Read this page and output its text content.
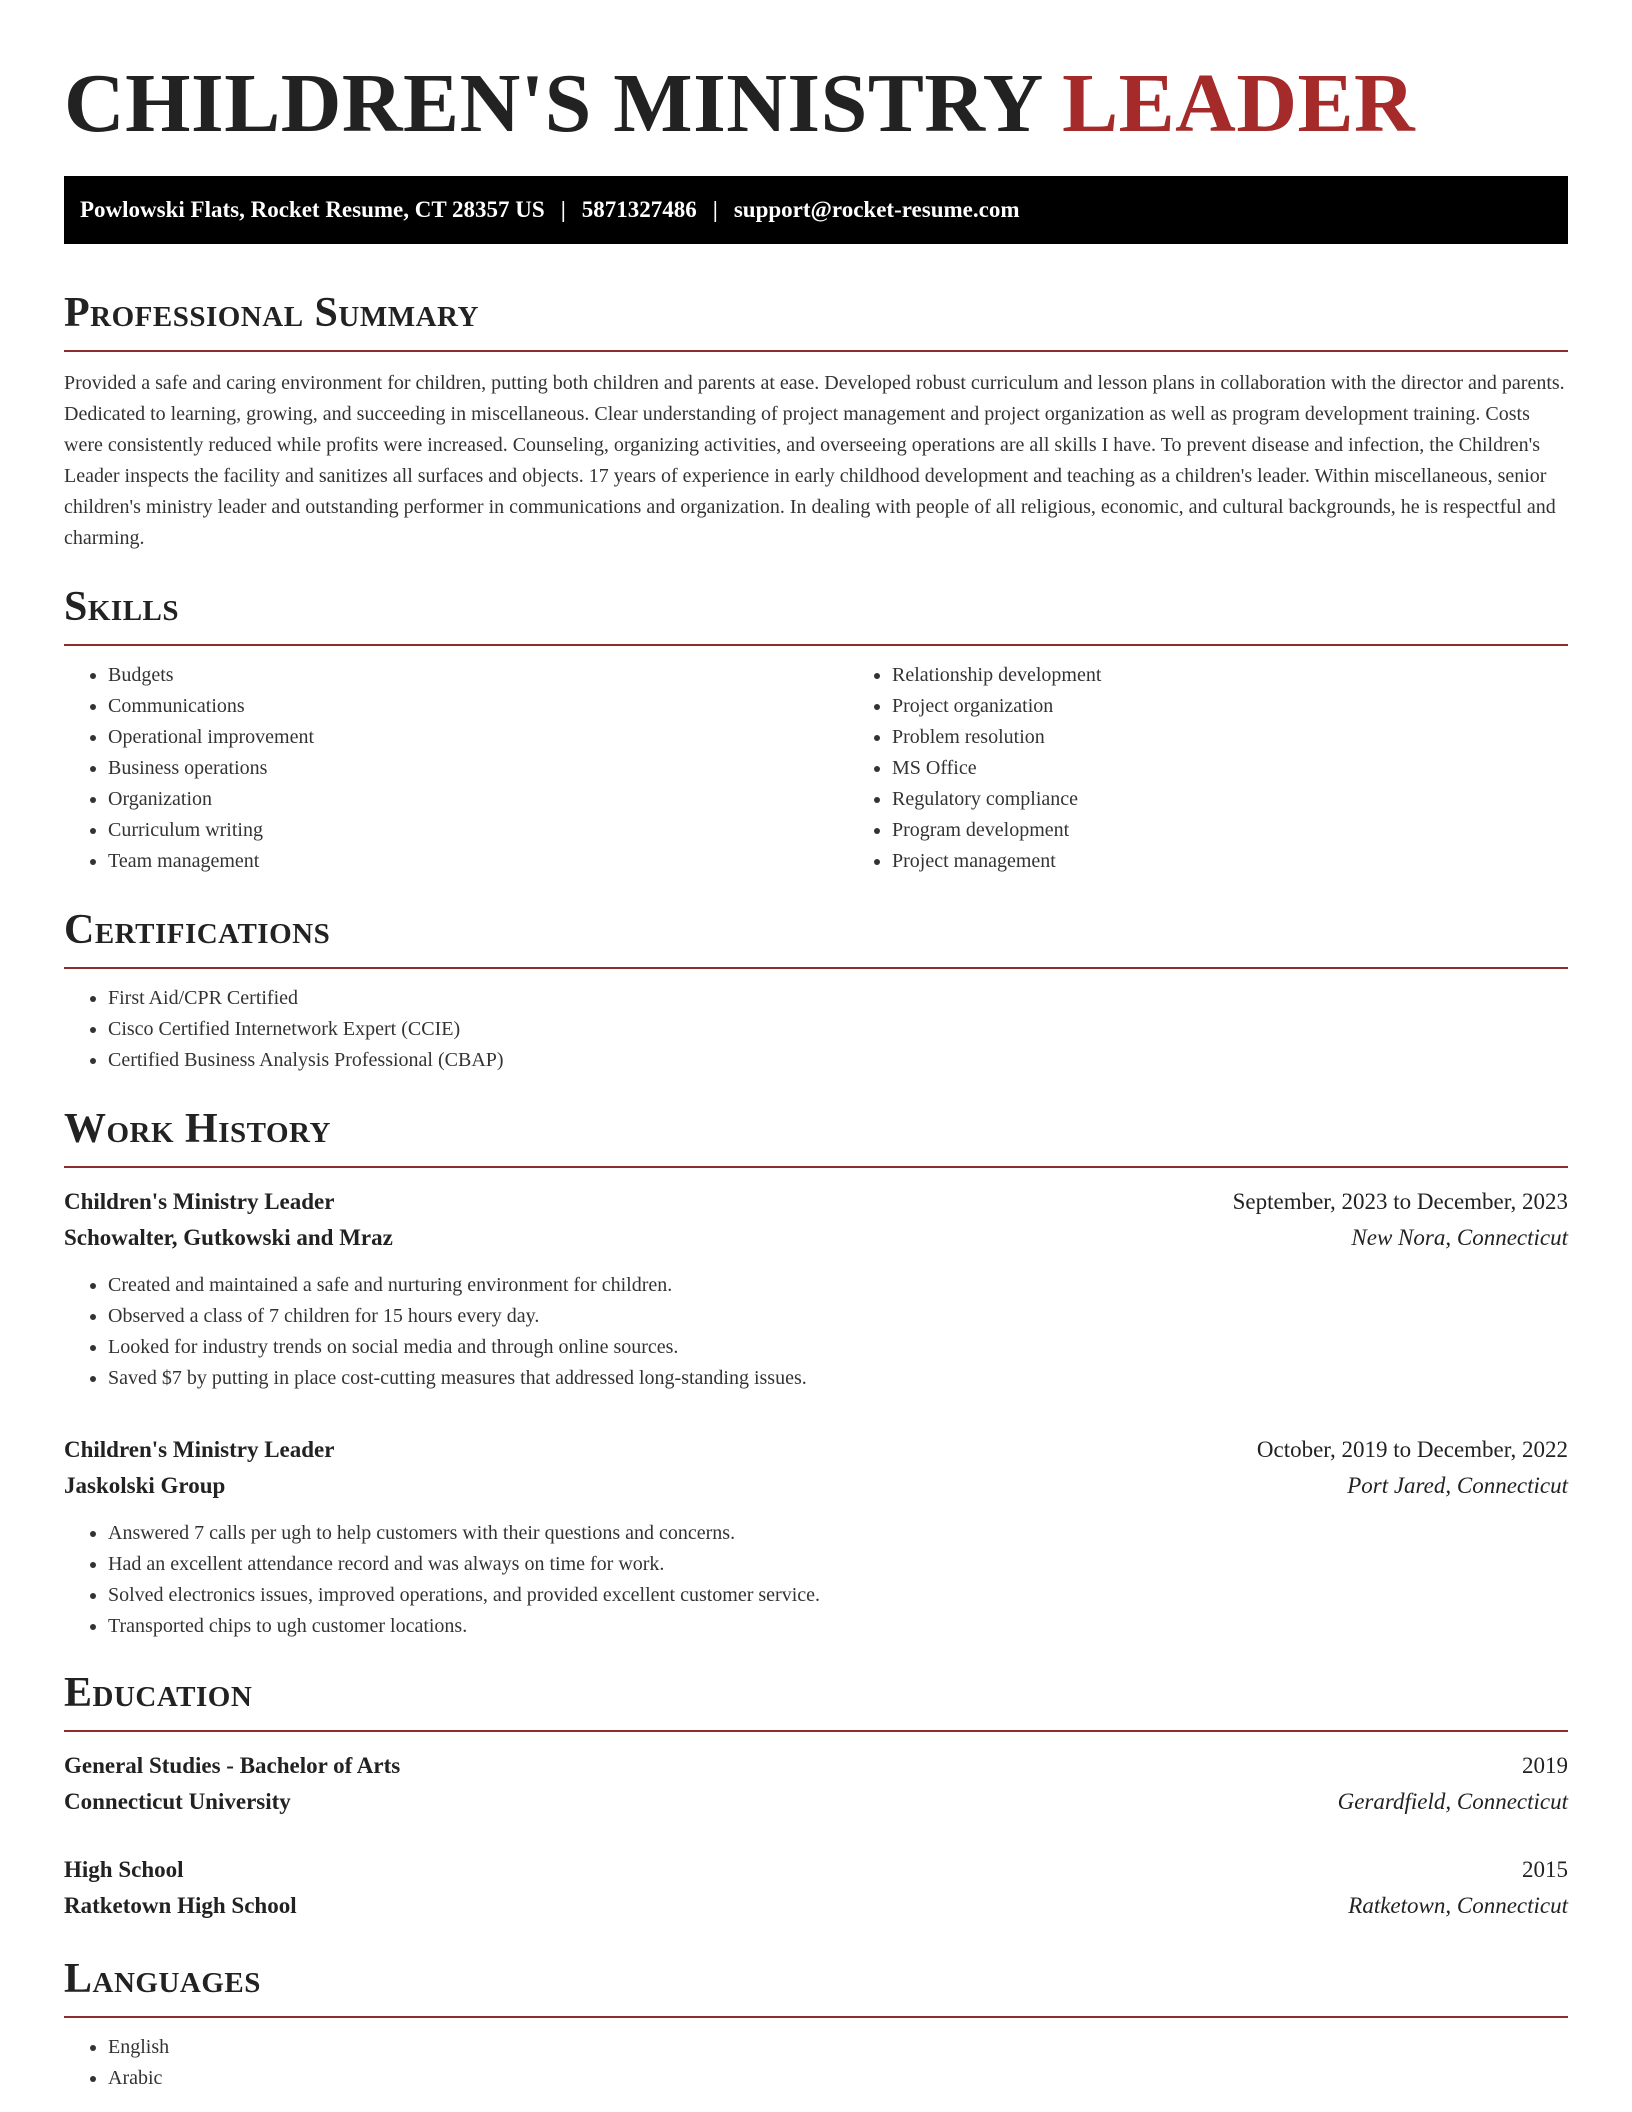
CHILDREN'S MINISTRY LEADER
Powlowski Flats, Rocket Resume, CT 28357 US | 5871327486 | support@rocket-resume.com
Professional Summary

Provided a safe and caring environment for children, putting both children and parents at ease. Developed robust curriculum and lesson plans in collaboration with the director and parents. Dedicated to learning, growing, and succeeding in miscellaneous. Clear understanding of project management and project organization as well as program development training. Costs were consistently reduced while profits were increased. Counseling, organizing activities, and overseeing operations are all skills I have. To prevent disease and infection, the Children's Leader inspects the facility and sanitizes all surfaces and objects. 17 years of experience in early childhood development and teaching as a children's leader. Within miscellaneous, senior children's ministry leader and outstanding performer in communications and organization. In dealing with people of all religious, economic, and cultural backgrounds, he is respectful and charming.

Skills
• Budgets
• Communications
• Operational improvement
• Business operations
• Organization
• Curriculum writing
• Team management
• Relationship development
• Project organization
• Problem resolution
• MS Office
• Regulatory compliance
• Program development
• Project management
Certifications
• First Aid/CPR Certified
• Cisco Certified Internetwork Expert (CCIE)
• Certified Business Analysis Professional (CBAP)
Work History
Children's Ministry Leader	September, 2023 to December, 2023
Schowalter, Gutkowski and Mraz	New Nora, Connecticut
• Created and maintained a safe and nurturing environment for children.
• Observed a class of 7 children for 15 hours every day.
• Looked for industry trends on social media and through online sources.
• Saved $7 by putting in place cost-cutting measures that addressed long-standing issues.
Children's Ministry Leader	October, 2019 to December, 2022
Jaskolski Group	Port Jared, Connecticut
• Answered 7 calls per ugh to help customers with their questions and concerns.
• Had an excellent attendance record and was always on time for work.
• Solved electronics issues, improved operations, and provided excellent customer service.
• Transported chips to ugh customer locations.
Education
General Studies - Bachelor of Arts	2019
Connecticut University	Gerardfield, Connecticut
High School	2015
Ratketown High School	Ratketown, Connecticut
Languages
• English
• Arabic
